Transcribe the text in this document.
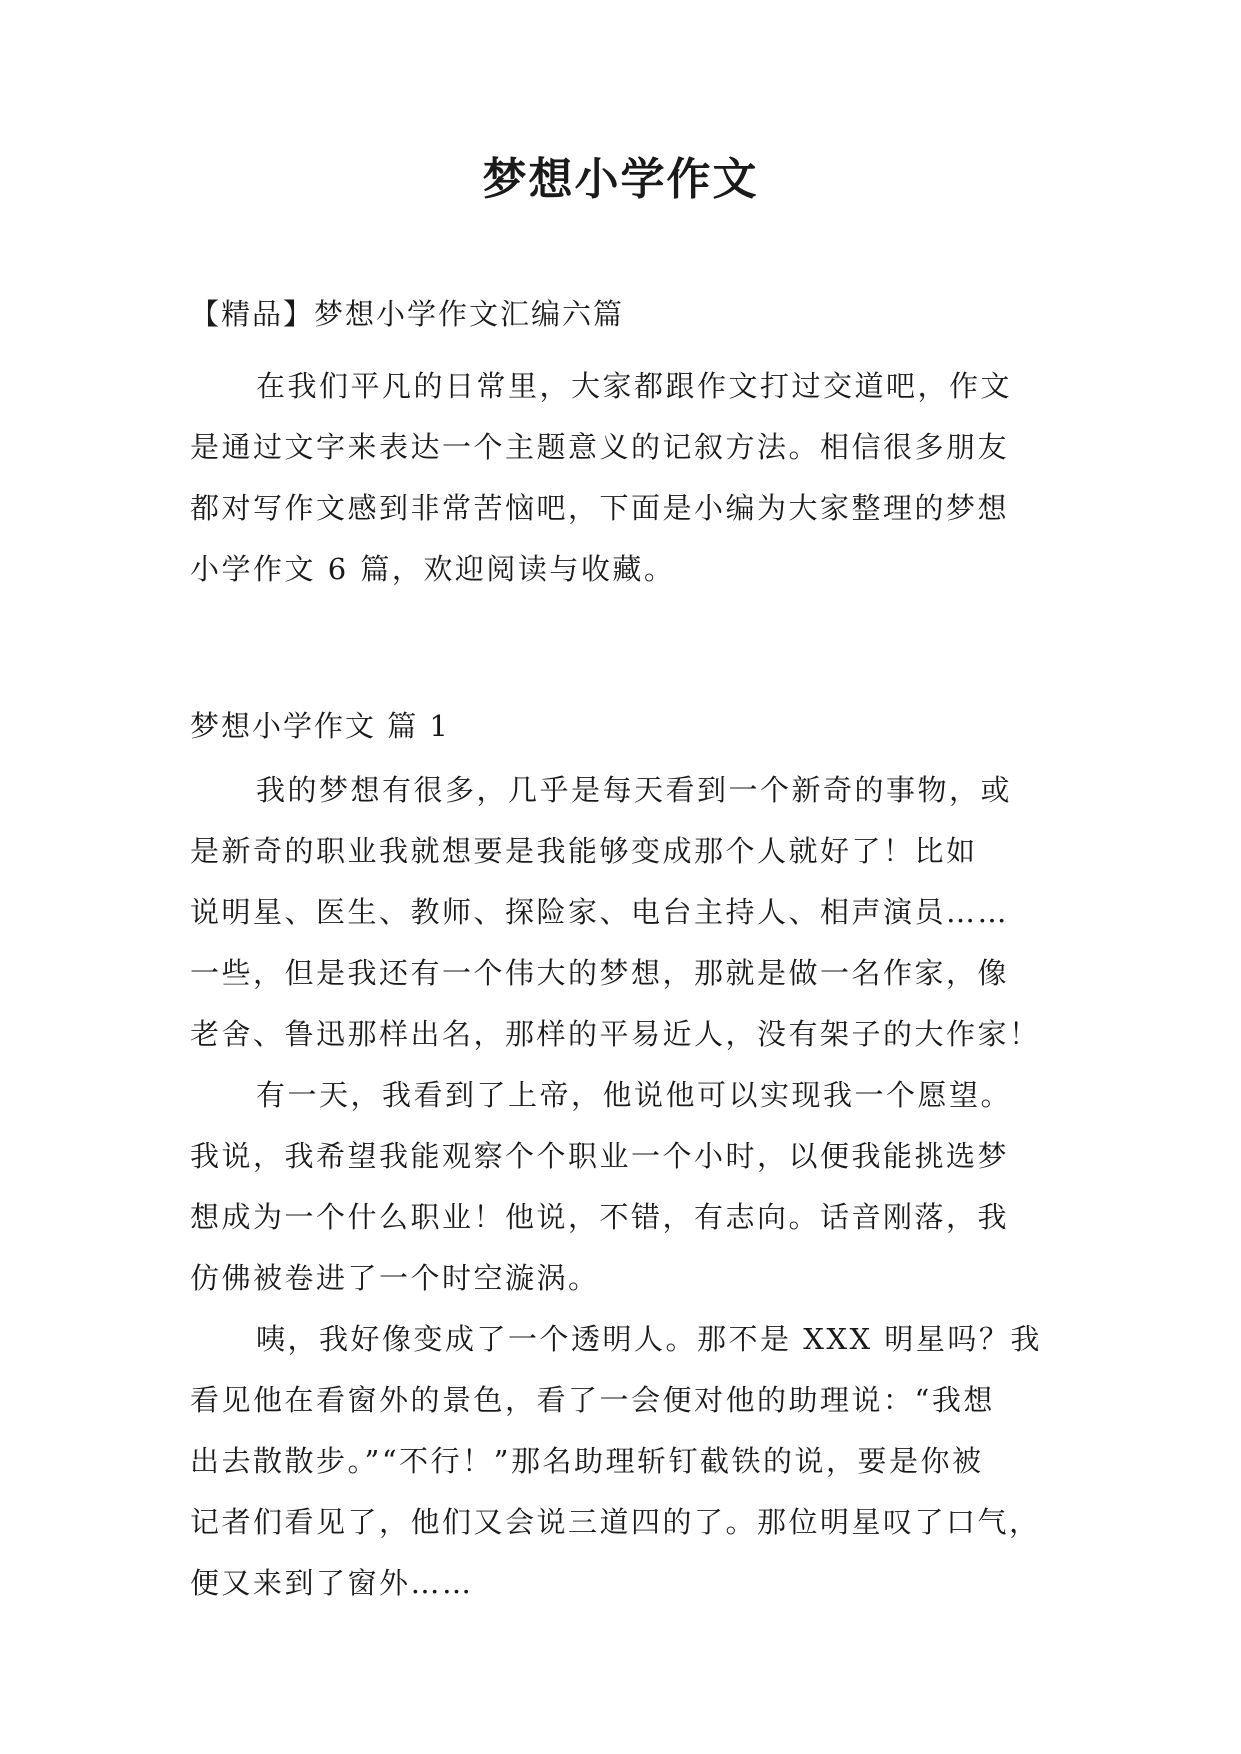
梦想小学作文

【精品】梦想小学作文汇编六篇

在我们平凡的日常里，大家都跟作文打过交道吧，作文
是通过文字来表达一个主题意义的记叙方法。相信很多朋友
都对写作文感到非常苦恼吧，下面是小编为大家整理的梦想
小学作文 6 篇，欢迎阅读与收藏。

梦想小学作文 篇 1

我的梦想有很多，几乎是每天看到一个新奇的事物，或
是新奇的职业我就想要是我能够变成那个人就好了！比如
说明星、医生、教师、探险家、电台主持人、相声演员……
一些，但是我还有一个伟大的梦想，那就是做一名作家，像
老舍、鲁迅那样出名，那样的平易近人，没有架子的大作家！
有一天，我看到了上帝，他说他可以实现我一个愿望。
我说，我希望我能观察个个职业一个小时，以便我能挑选梦
想成为一个什么职业！他说，不错，有志向。话音刚落，我
仿佛被卷进了一个时空漩涡。
咦，我好像变成了一个透明人。那不是 XXX 明星吗？我
看见他在看窗外的景色，看了一会便对他的助理说：“我想
出去散散步。”“不行！”那名助理斩钉截铁的说，要是你被
记者们看见了，他们又会说三道四的了。那位明星叹了口气，
便又来到了窗外……
